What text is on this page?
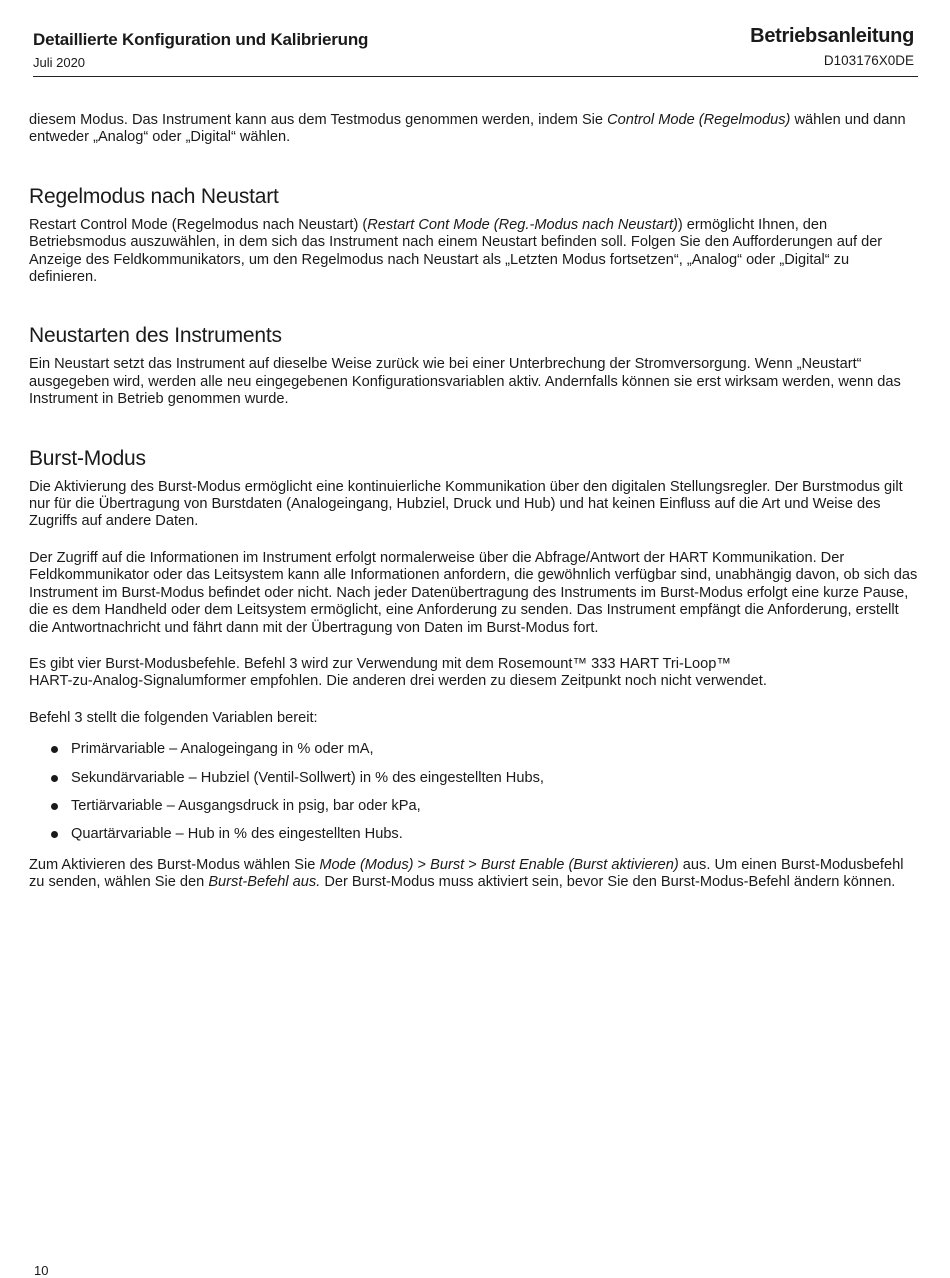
Detaillierte Konfiguration und Kalibrierung
Juli 2020
Betriebsanleitung
D103176X0DE

diesem Modus. Das Instrument kann aus dem Testmodus genommen werden, indem Sie Control Mode (Regelmodus) wählen und dann entweder „Analog“ oder „Digital“ wählen.

Regelmodus nach Neustart

Restart Control Mode (Regelmodus nach Neustart) (Restart Cont Mode (Reg.-Modus nach Neustart)) ermöglicht Ihnen, den Betriebsmodus auszuwählen, in dem sich das Instrument nach einem Neustart befinden soll. Folgen Sie den Aufforderungen auf der Anzeige des Feldkommunikators, um den Regelmodus nach Neustart als „Letzten Modus fortsetzen“, „Analog“ oder „Digital“ zu definieren.

Neustarten des Instruments

Ein Neustart setzt das Instrument auf dieselbe Weise zurück wie bei einer Unterbrechung der Stromversorgung. Wenn „Neustart“ ausgegeben wird, werden alle neu eingegebenen Konfigurationsvariablen aktiv. Andernfalls können sie erst wirksam werden, wenn das Instrument in Betrieb genommen wurde.

Burst-Modus

Die Aktivierung des Burst-Modus ermöglicht eine kontinuierliche Kommunikation über den digitalen Stellungsregler. Der Burstmodus gilt nur für die Übertragung von Burstdaten (Analogeingang, Hubziel, Druck und Hub) und hat keinen Einfluss auf die Art und Weise des Zugriffs auf andere Daten.

Der Zugriff auf die Informationen im Instrument erfolgt normalerweise über die Abfrage/Antwort der HART Kommunikation. Der Feldkommunikator oder das Leitsystem kann alle Informationen anfordern, die gewöhnlich verfügbar sind, unabhängig davon, ob sich das Instrument im Burst-Modus befindet oder nicht. Nach jeder Datenübertragung des Instruments im Burst-Modus erfolgt eine kurze Pause, die es dem Handheld oder dem Leitsystem ermöglicht, eine Anforderung zu senden. Das Instrument empfängt die Anforderung, erstellt die Antwortnachricht und fährt dann mit der Übertragung von Daten im Burst-Modus fort.

Es gibt vier Burst-Modusbefehle. Befehl 3 wird zur Verwendung mit dem Rosemount™ 333 HART Tri-Loop™
HART-zu-Analog-Signalumformer empfohlen. Die anderen drei werden zu diesem Zeitpunkt noch nicht verwendet.

Befehl 3 stellt die folgenden Variablen bereit:

Primärvariable – Analogeingang in % oder mA,
Sekundärvariable – Hubziel (Ventil-Sollwert) in % des eingestellten Hubs,
Tertiärvariable – Ausgangsdruck in psig, bar oder kPa,
Quartärvariable – Hub in % des eingestellten Hubs.

Zum Aktivieren des Burst-Modus wählen Sie Mode (Modus) > Burst > Burst Enable (Burst aktivieren) aus. Um einen Burst-Modusbefehl zu senden, wählen Sie den Burst-Befehl aus. Der Burst-Modus muss aktiviert sein, bevor Sie den Burst-Modus-Befehl ändern können.

10
